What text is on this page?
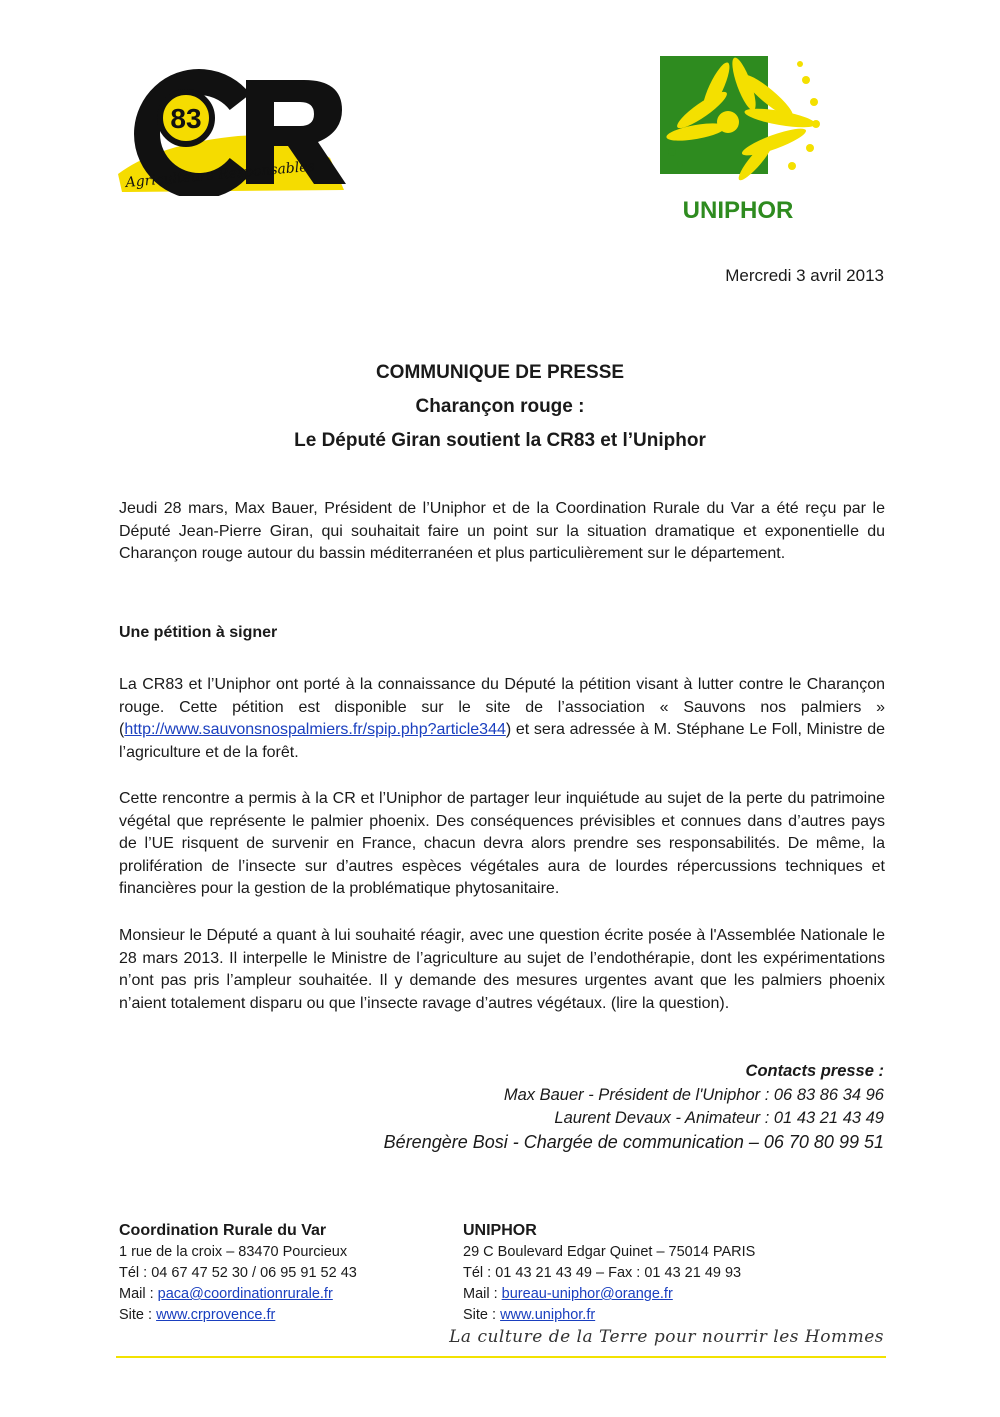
83
Agriculteurs Responsables
UNIPHOR
Mercredi 3 avril 2013
COMMUNIQUE DE PRESSE
Charançon rouge :
Le Député Giran soutient la CR83 et l’Uniphor
Jeudi 28 mars, Max Bauer, Président de l’Uniphor et de la Coordination Rurale du Var a été reçu par le Député Jean-Pierre Giran, qui souhaitait faire un point sur la situation dramatique et exponentielle du Charançon rouge autour du bassin méditerranéen et plus particulièrement sur le département.
Une pétition à signer
La CR83 et l’Uniphor ont porté à la connaissance du Député la pétition visant à lutter contre le Charançon rouge. Cette pétition est disponible sur le site de l’association « Sauvons nos palmiers » (http://www.sauvonsnospalmiers.fr/spip.php?article344) et sera adressée à M. Stéphane Le Foll, Ministre de l’agriculture et de la forêt.
Cette rencontre a permis à la CR et l’Uniphor de partager leur inquiétude au sujet de la perte du patrimoine végétal que représente le palmier phoenix. Des conséquences prévisibles et connues dans d’autres pays de l’UE risquent de survenir en France, chacun devra alors prendre ses responsabilités. De même, la prolifération de l’insecte sur d’autres espèces végétales aura de lourdes répercussions techniques et financières pour la gestion de la problématique phytosanitaire.
Monsieur le Député a quant à lui souhaité réagir, avec une question écrite posée à l'Assemblée Nationale le 28 mars 2013. Il interpelle le Ministre de l’agriculture au sujet de l’endothérapie, dont les expérimentations n’ont pas pris l’ampleur souhaitée. Il y demande des mesures urgentes avant que les palmiers phoenix n’aient totalement disparu ou que l’insecte ravage d’autres végétaux. (lire la question).
Contacts presse :
Max Bauer - Président de l'Uniphor : 06 83 86 34 96
Laurent Devaux - Animateur : 01 43 21 43 49
Bérengère Bosi - Chargée de communication – 06 70 80 99 51
Coordination Rurale du Var
1 rue de la croix – 83470 Pourcieux
Tél : 04 67 47 52 30 / 06 95 91 52 43
Mail : paca@coordinationrurale.fr
Site : www.crprovence.fr
UNIPHOR
29 C Boulevard Edgar Quinet – 75014 PARIS
Tél : 01 43 21 43 49 – Fax : 01 43 21 49 93
Mail : bureau-uniphor@orange.fr
Site : www.uniphor.fr
La culture de la Terre pour nourrir les Hommes
